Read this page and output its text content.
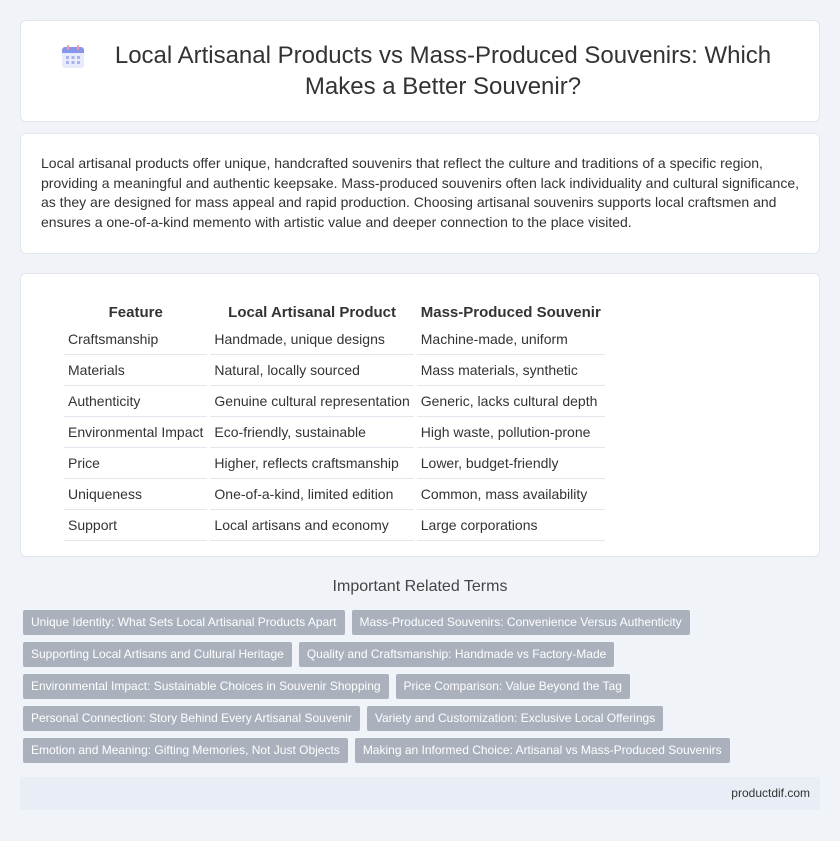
Local Artisanal Products vs Mass-Produced Souvenirs: Which Makes a Better Souvenir?

Local artisanal products offer unique, handcrafted souvenirs that reflect the culture and traditions of a specific region, providing a meaningful and authentic keepsake. Mass-produced souvenirs often lack individuality and cultural significance, as they are designed for mass appeal and rapid production. Choosing artisanal souvenirs supports local craftsmen and ensures a one-of-a-kind memento with artistic value and deeper connection to the place visited.

Feature	Local Artisanal Product	Mass-Produced Souvenir
Craftsmanship	Handmade, unique designs	Machine-made, uniform
Materials	Natural, locally sourced	Mass materials, synthetic
Authenticity	Genuine cultural representation	Generic, lacks cultural depth
Environmental Impact	Eco-friendly, sustainable	High waste, pollution-prone
Price	Higher, reflects craftsmanship	Lower, budget-friendly
Uniqueness	One-of-a-kind, limited edition	Common, mass availability
Support	Local artisans and economy	Large corporations
Important Related Terms
Unique Identity: What Sets Local Artisanal Products Apart	Mass-Produced Souvenirs: Convenience Versus Authenticity
Supporting Local Artisans and Cultural Heritage	Quality and Craftsmanship: Handmade vs Factory-Made
Environmental Impact: Sustainable Choices in Souvenir Shopping	Price Comparison: Value Beyond the Tag
Personal Connection: Story Behind Every Artisanal Souvenir	Variety and Customization: Exclusive Local Offerings
Emotion and Meaning: Gifting Memories, Not Just Objects	Making an Informed Choice: Artisanal vs Mass-Produced Souvenirs
productdif.com
